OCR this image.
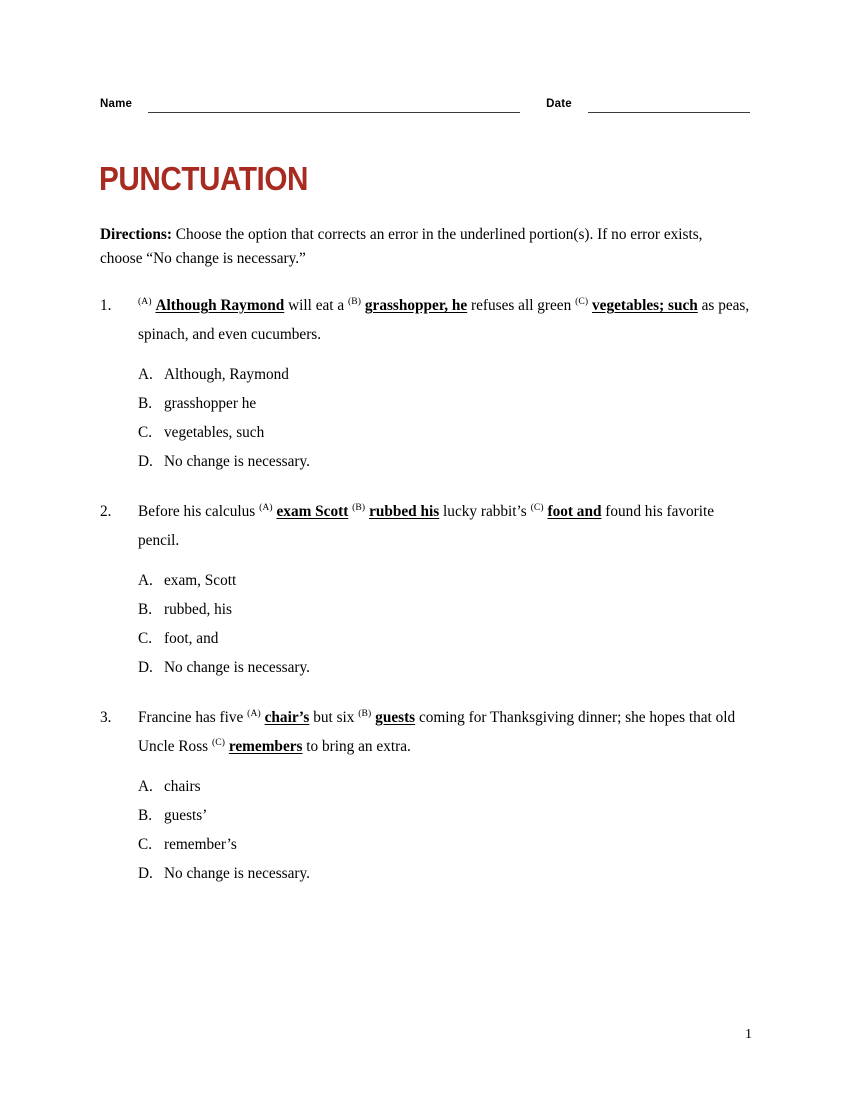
Name	Date
punctuation
Directions: Choose the option that corrects an error in the underlined portion(s). If no error exists, choose “No change is necessary.”
1.	$^{(A)}$ Although Raymond will eat a $^{(B)}$ grasshopper, he refuses all green $^{(C)}$ vegetables; such as peas, spinach, and even cucumbers.
A. Although, Raymond
B. grasshopper he
C. vegetables, such
D. No change is necessary.
2.	Before his calculus $^{(A)}$ exam Scott $^{(B)}$ rubbed his lucky rabbit’s $^{(C)}$ foot and found his favorite pencil.
A. exam, Scott
B. rubbed, his
C. foot, and
D. No change is necessary.
3.	Francine has five $^{(A)}$ chair’s but six $^{(B)}$ guests coming for Thanksgiving dinner; she hopes that old Uncle Ross $^{(C)}$ remembers to bring an extra.
A. chairs
B. guests’
C. remember’s
D. No change is necessary.
1
